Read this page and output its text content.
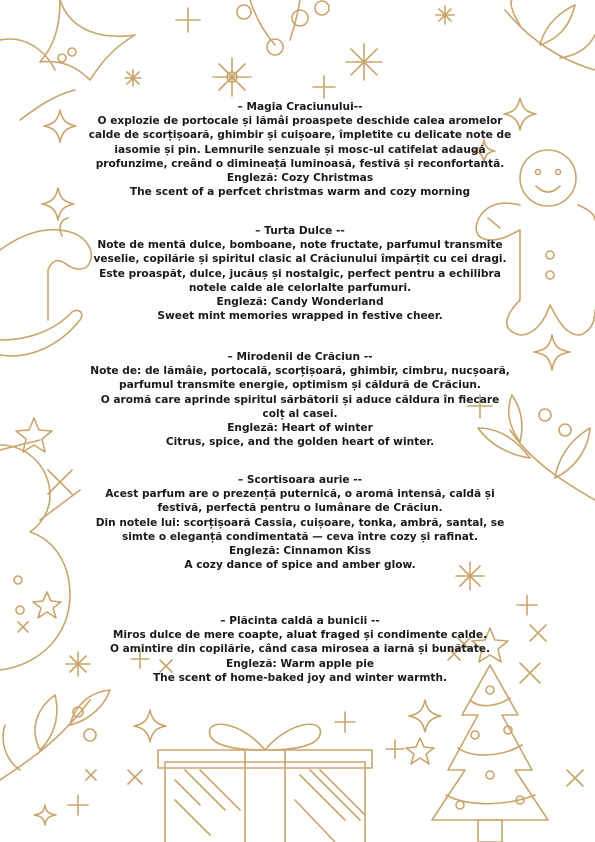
– Magia Craciunului--
O explozie de portocale și lămâi proaspete deschide calea aromelor
calde de scorțișoară, ghimbir și cuișoare, împletite cu delicate note de
iasomie și pin. Lemnurile senzuale și mosc-ul catifelat adaugă
profunzime, creând o dimineață luminoasă, festivă și reconfortantă.
Engleză: Cozy Christmas
The scent of a perfcet christmas warm and cozy morning
– Turta Dulce --
Note de mentă dulce, bomboane, note fructate, parfumul transmite
veselie, copilărie și spiritul clasic al Crăciunului împărțit cu cei dragi.
Este proaspăt, dulce, jucăuș și nostalgic, perfect pentru a echilibra
notele calde ale celorlalte parfumuri.
Engleză: Candy Wonderland
Sweet mint memories wrapped in festive cheer.
– Mirodenii de Crăciun --
Note de: de lămâie, portocală, scorțișoară, ghimbir, cimbru, nucșoară,
parfumul transmite energie, optimism și căldură de Crăciun.
O aromă care aprinde spiritul sărbătorii și aduce căldura în fiecare
colț al casei.
Engleză: Heart of winter
Citrus, spice, and the golden heart of winter.
– Scortisoara aurie --
Acest parfum are o prezență puternică, o aromă intensă, caldă și
festivă, perfectă pentru o lumânare de Crăciun.
Din notele lui: scorțișoară Cassia, cuișoare, tonka, ambră, santal, se
simte o eleganță condimentată — ceva între cozy și rafinat.
Engleză: Cinnamon Kiss
A cozy dance of spice and amber glow.
– Plăcinta caldă a bunicii --
Miros dulce de mere coapte, aluat fraged și condimente calde.
O amintire din copilărie, când casa mirosea a iarnă și bunătate.
Engleză: Warm apple pie
The scent of home-baked joy and winter warmth.
